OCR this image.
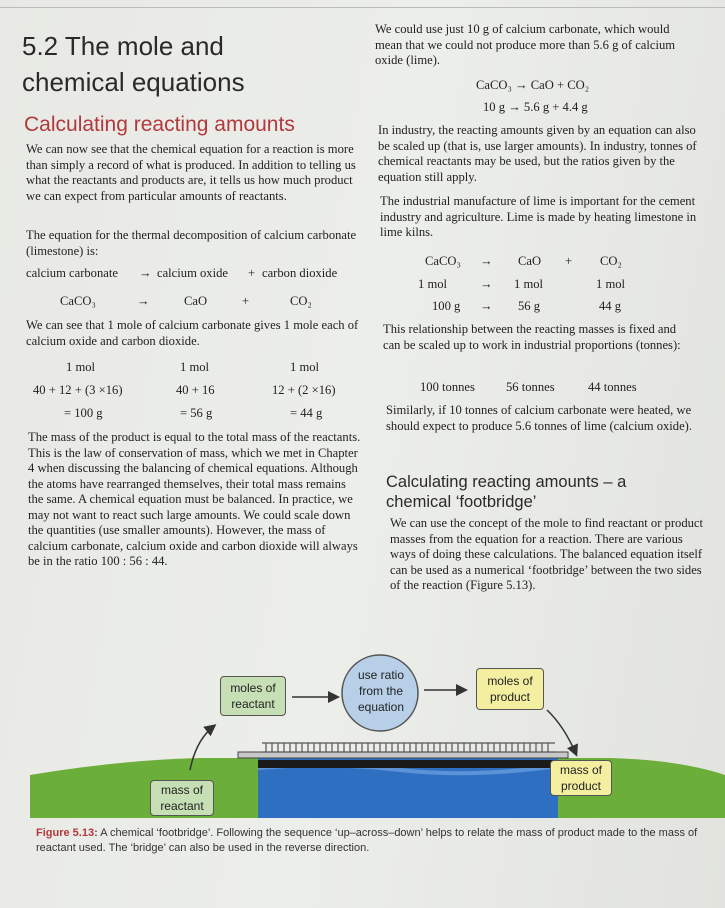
5.2 The mole and
chemical equations
Calculating reacting amounts
We can now see that the chemical equation for a reaction is more than simply a record of what is produced. In addition to telling us what the reactants and products are, it tells us how much product we can expect from particular amounts of reactants.
The equation for the thermal decomposition of calcium carbonate (limestone) is:
calcium carbonate → calcium oxide + carbon dioxide
CaCO₃	→	CaO	+	CO₂
We can see that 1 mole of calcium carbonate gives 1 mole each of calcium oxide and carbon dioxide.
1 mol	1 mol	1 mol
40 + 12 + (3 ×16)	40 + 16	12 + (2 ×16)
= 100 g	= 56 g	= 44 g
The mass of the product is equal to the total mass of the reactants. This is the law of conservation of mass, which we met in Chapter 4 when discussing the balancing of chemical equations. Although the atoms have rearranged themselves, their total mass remains the same. A chemical equation must be balanced. In practice, we may not want to react such large amounts. We could scale down the quantities (use smaller amounts). However, the mass of calcium carbonate, calcium oxide and carbon dioxide will always be in the ratio 100 : 56 : 44.
We could use just 10 g of calcium carbonate, which would mean that we could not produce more than 5.6 g of calcium oxide (lime).
CaCO₃ → CaO + CO₂
10 g → 5.6 g + 4.4 g
In industry, the reacting amounts given by an equation can also be scaled up (that is, use larger amounts). In industry, tonnes of chemical reactants may be used, but the ratios given by the equation still apply.
The industrial manufacture of lime is important for the cement industry and agriculture. Lime is made by heating limestone in lime kilns.
CaCO₃ → CaO + CO₂
1 mol	→ 1 mol	1 mol
100 g → 56 g	44 g
This relationship between the reacting masses is fixed and can be scaled up to work in industrial proportions (tonnes):
100 tonnes 56 tonnes	44 tonnes
Similarly, if 10 tonnes of calcium carbonate were heated, we should expect to produce 5.6 tonnes of lime (calcium oxide).
Calculating reacting amounts – a
chemical ‘footbridge’
We can use the concept of the mole to find reactant or product masses from the equation for a reaction. There are various ways of doing these calculations. The balanced equation itself can be used as a numerical ‘footbridge’ between the two sides of the reaction (Figure 5.13).
moles of reactant
use ratio from the equation
moles of product
mass of reactant
mass of product
Figure 5.13: A chemical ‘footbridge’. Following the sequence ‘up–across–down’ helps to relate the mass of product made to the mass of reactant used. The ‘bridge’ can also be used in the reverse direction.
